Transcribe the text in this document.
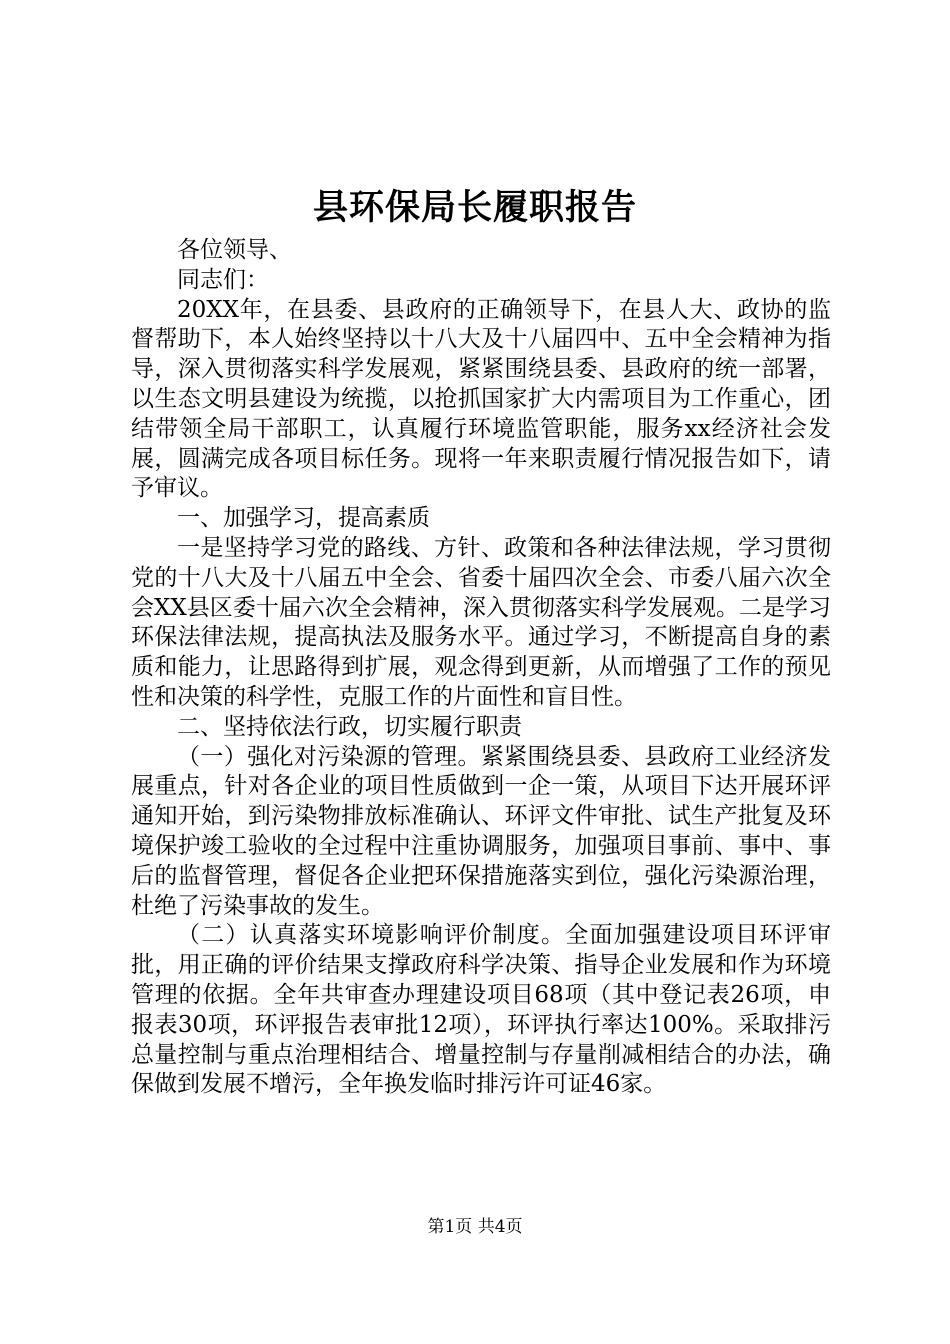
县环保局长履职报告

各位领导、

同志们：

20XX年，在县委、县政府的正确领导下，在县人大、政协的监督帮助下，本人始终坚持以十八大及十八届四中、五中全会精神为指导，深入贯彻落实科学发展观，紧紧围绕县委、县政府的统一部署，以生态文明县建设为统揽，以抢抓国家扩大内需项目为工作重心，团结带领全局干部职工，认真履行环境监管职能，服务xx经济社会发展，圆满完成各项目标任务。现将一年来职责履行情况报告如下，请予审议。

一、加强学习，提高素质

一是坚持学习党的路线、方针、政策和各种法律法规，学习贯彻党的十八大及十八届五中全会、省委十届四次全会、市委八届六次全会XX县区委十届六次全会精神，深入贯彻落实科学发展观。二是学习环保法律法规，提高执法及服务水平。通过学习，不断提高自身的素质和能力，让思路得到扩展，观念得到更新，从而增强了工作的预见性和决策的科学性，克服工作的片面性和盲目性。

二、坚持依法行政，切实履行职责

（一）强化对污染源的管理。紧紧围绕县委、县政府工业经济发展重点，针对各企业的项目性质做到一企一策，从项目下达开展环评通知开始，到污染物排放标准确认、环评文件审批、试生产批复及环境保护竣工验收的全过程中注重协调服务，加强项目事前、事中、事后的监督管理，督促各企业把环保措施落实到位，强化污染源治理，杜绝了污染事故的发生。

（二）认真落实环境影响评价制度。全面加强建设项目环评审批，用正确的评价结果支撑政府科学决策、指导企业发展和作为环境管理的依据。全年共审查办理建设项目68项（其中登记表26项，申报表30项，环评报告表审批12项），环评执行率达100%。采取排污总量控制与重点治理相结合、增量控制与存量削减相结合的办法，确保做到发展不增污，全年换发临时排污许可证46家。

第1页 共4页
